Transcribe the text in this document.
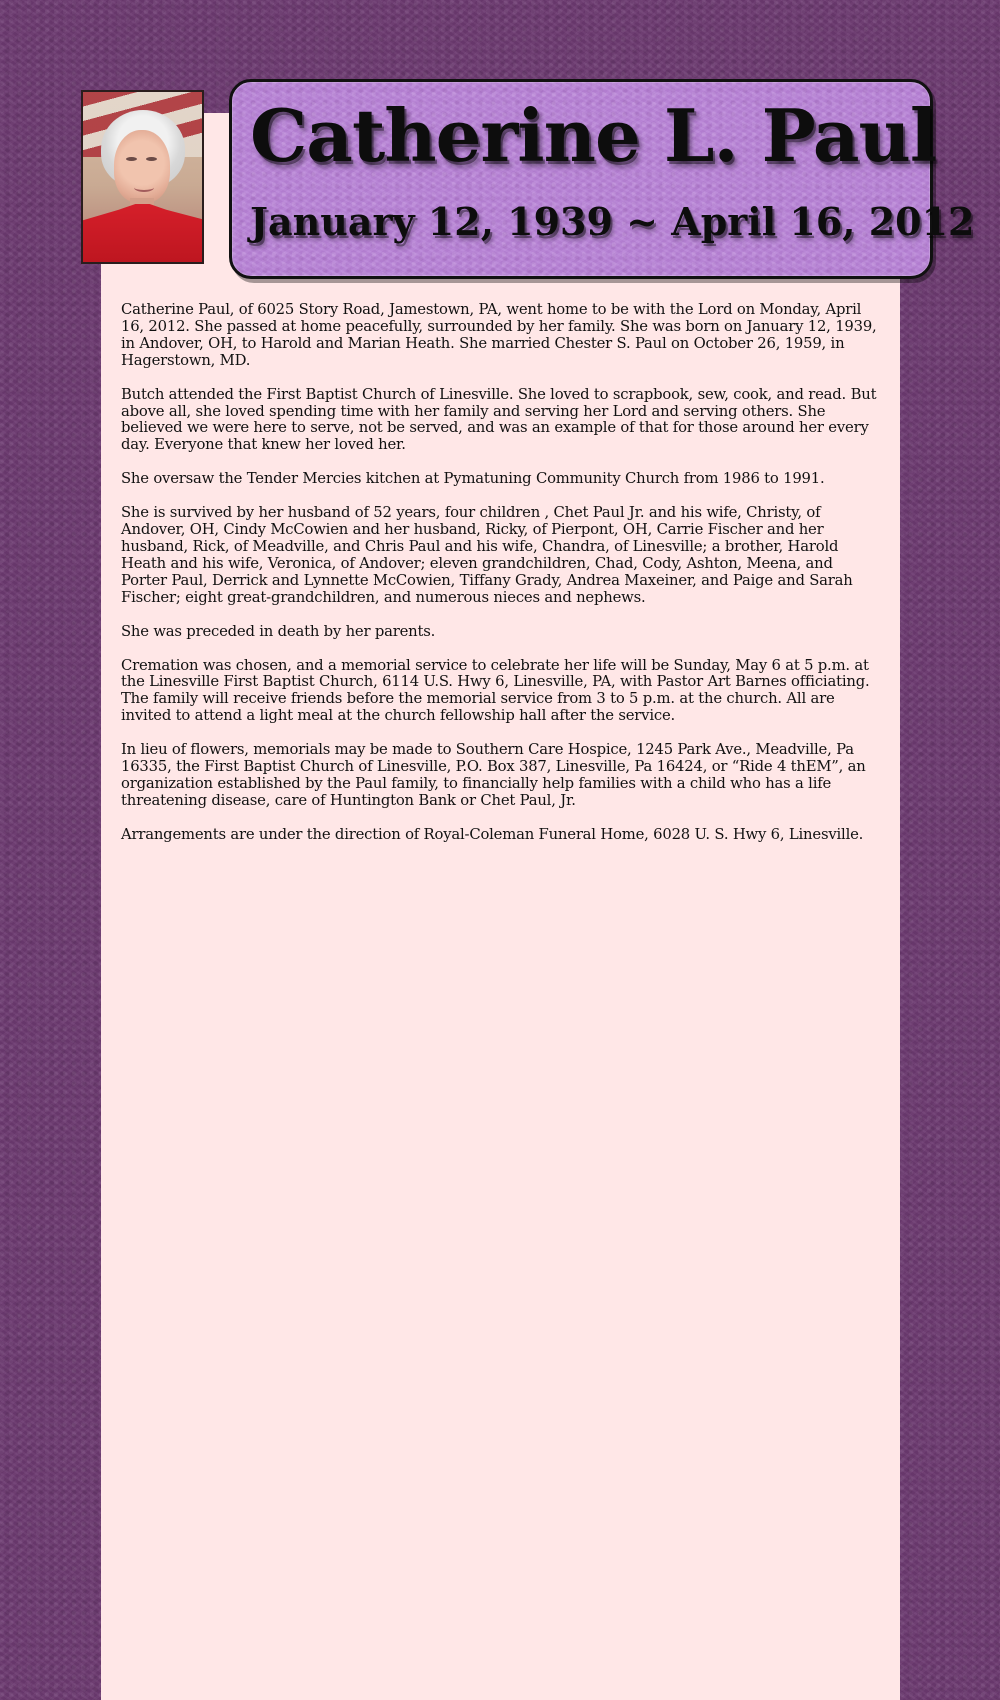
Catherine L. Paul
January 12, 1939 ~ April 16, 2012

Catherine Paul, of 6025 Story Road, Jamestown, PA, went home to be with the Lord on Monday, April 16, 2012. She passed at home peacefully, surrounded by her family. She was born on January 12, 1939, in Andover, OH, to Harold and Marian Heath. She married Chester S. Paul on October 26, 1959, in Hagerstown, MD.

Butch attended the First Baptist Church of Linesville. She loved to scrapbook, sew, cook, and read. But above all, she loved spending time with her family and serving her Lord and serving others. She believed we were here to serve, not be served, and was an example of that for those around her every day. Everyone that knew her loved her.

She oversaw the Tender Mercies kitchen at Pymatuning Community Church from 1986 to 1991.

She is survived by her husband of 52 years, four children , Chet Paul Jr. and his wife, Christy, of Andover, OH, Cindy McCowien and her husband, Ricky, of Pierpont, OH, Carrie Fischer and her husband, Rick, of Meadville, and Chris Paul and his wife, Chandra, of Linesville; a brother, Harold Heath and his wife, Veronica, of Andover; eleven grandchildren, Chad, Cody, Ashton, Meena, and Porter Paul, Derrick and Lynnette McCowien, Tiffany Grady, Andrea Maxeiner, and Paige and Sarah Fischer; eight great-grandchildren, and numerous nieces and nephews.

She was preceded in death by her parents.

Cremation was chosen, and a memorial service to celebrate her life will be Sunday, May 6 at 5 p.m. at the Linesville First Baptist Church, 6114 U.S. Hwy 6, Linesville, PA, with Pastor Art Barnes officiating. The family will receive friends before the memorial service from 3 to 5 p.m. at the church. All are invited to attend a light meal at the church fellowship hall after the service.

In lieu of flowers, memorials may be made to Southern Care Hospice, 1245 Park Ave., Meadville, Pa 16335, the First Baptist Church of Linesville, P.O. Box 387, Linesville, Pa 16424, or “Ride 4 thEM”, an organization established by the Paul family, to financially help families with a child who has a life threatening disease, care of Huntington Bank or Chet Paul, Jr.

Arrangements are under the direction of Royal-Coleman Funeral Home, 6028 U. S. Hwy 6, Linesville.
